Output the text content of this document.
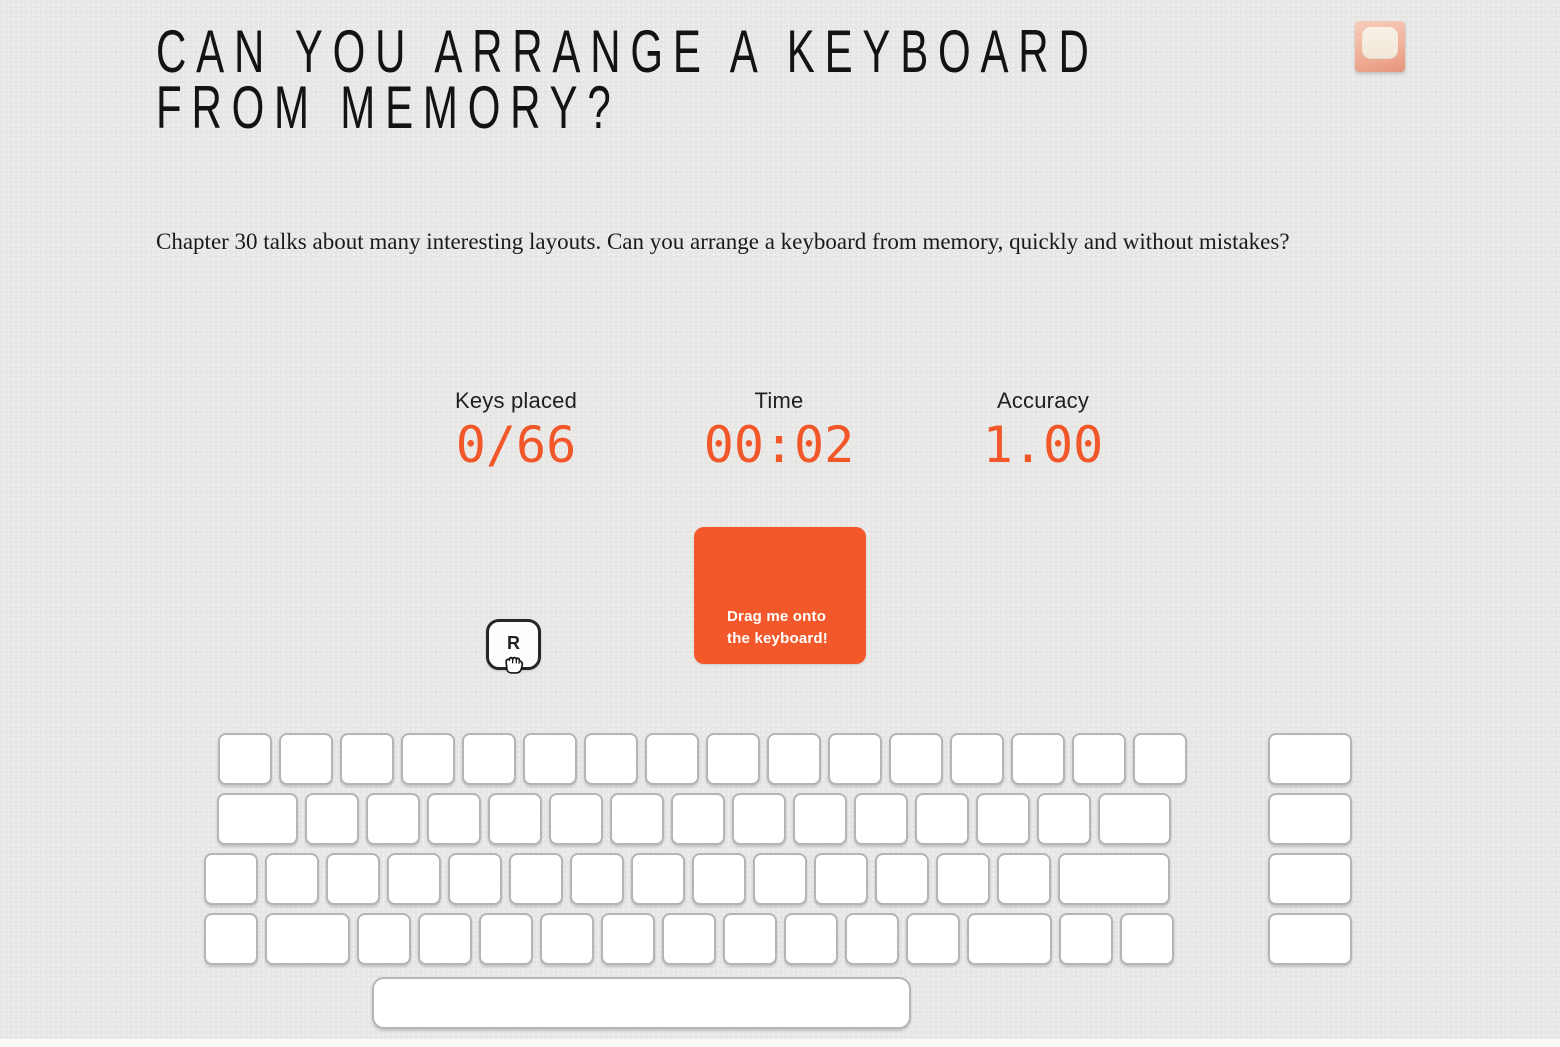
CAN YOU ARRANGE A KEYBOARD
FROM MEMORY?

Chapter 30 talks about many interesting layouts. Can you arrange a keyboard from memory, quickly and without mistakes?

Keys placed
0/66
Time
00:02
Accuracy
1.00
Drag me onto
the keyboard!
R
